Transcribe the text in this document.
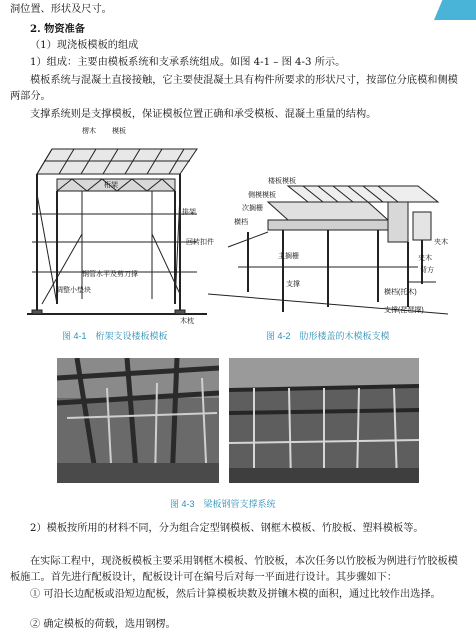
洞位置、形状及尺寸。

2. 物资准备

（1）现浇板模板的组成

1）组成：主要由模板系统和支承系统组成。如图 4-1 – 图 4-3 所示。

模板系统与混凝土直接接触，它主要使混凝土具有构件所要求的形状尺寸，按部位分底模和侧模两部分。

支撑系统则是支撑模板，保证模板位置正确和承受模板、混凝土重量的结构。

楞木 模板
桁架
排架
回转扣件
钢管水平及剪刀撑
调整小垫块
木枕
楼板模板
侧模模板
次搁栅
横档
主搁栅
支撑
夹木
夹木
背方
横档(托木)
支撑(琵琶撑)
图 4-1　桁架支设楼板模板	图 4-2　肋形楼盖的木模板支模
图 4-3　梁板钢管支撑系统

2）模板按所用的材料不同，分为组合定型钢模板、钢框木模板、竹胶板、塑料模板等。

在实际工程中，现浇板模板主要采用钢框木模板、竹胶板，本次任务以竹胶板为例进行竹胶板模板施工。首先进行配板设计，配板设计可在编号后对每一平面进行设计。其步骤如下：

① 可沿长边配板或沿短边配板，然后计算模板块数及拼镶木模的面积，通过比较作出选择。

② 确定模板的荷载，选用钢楞。
